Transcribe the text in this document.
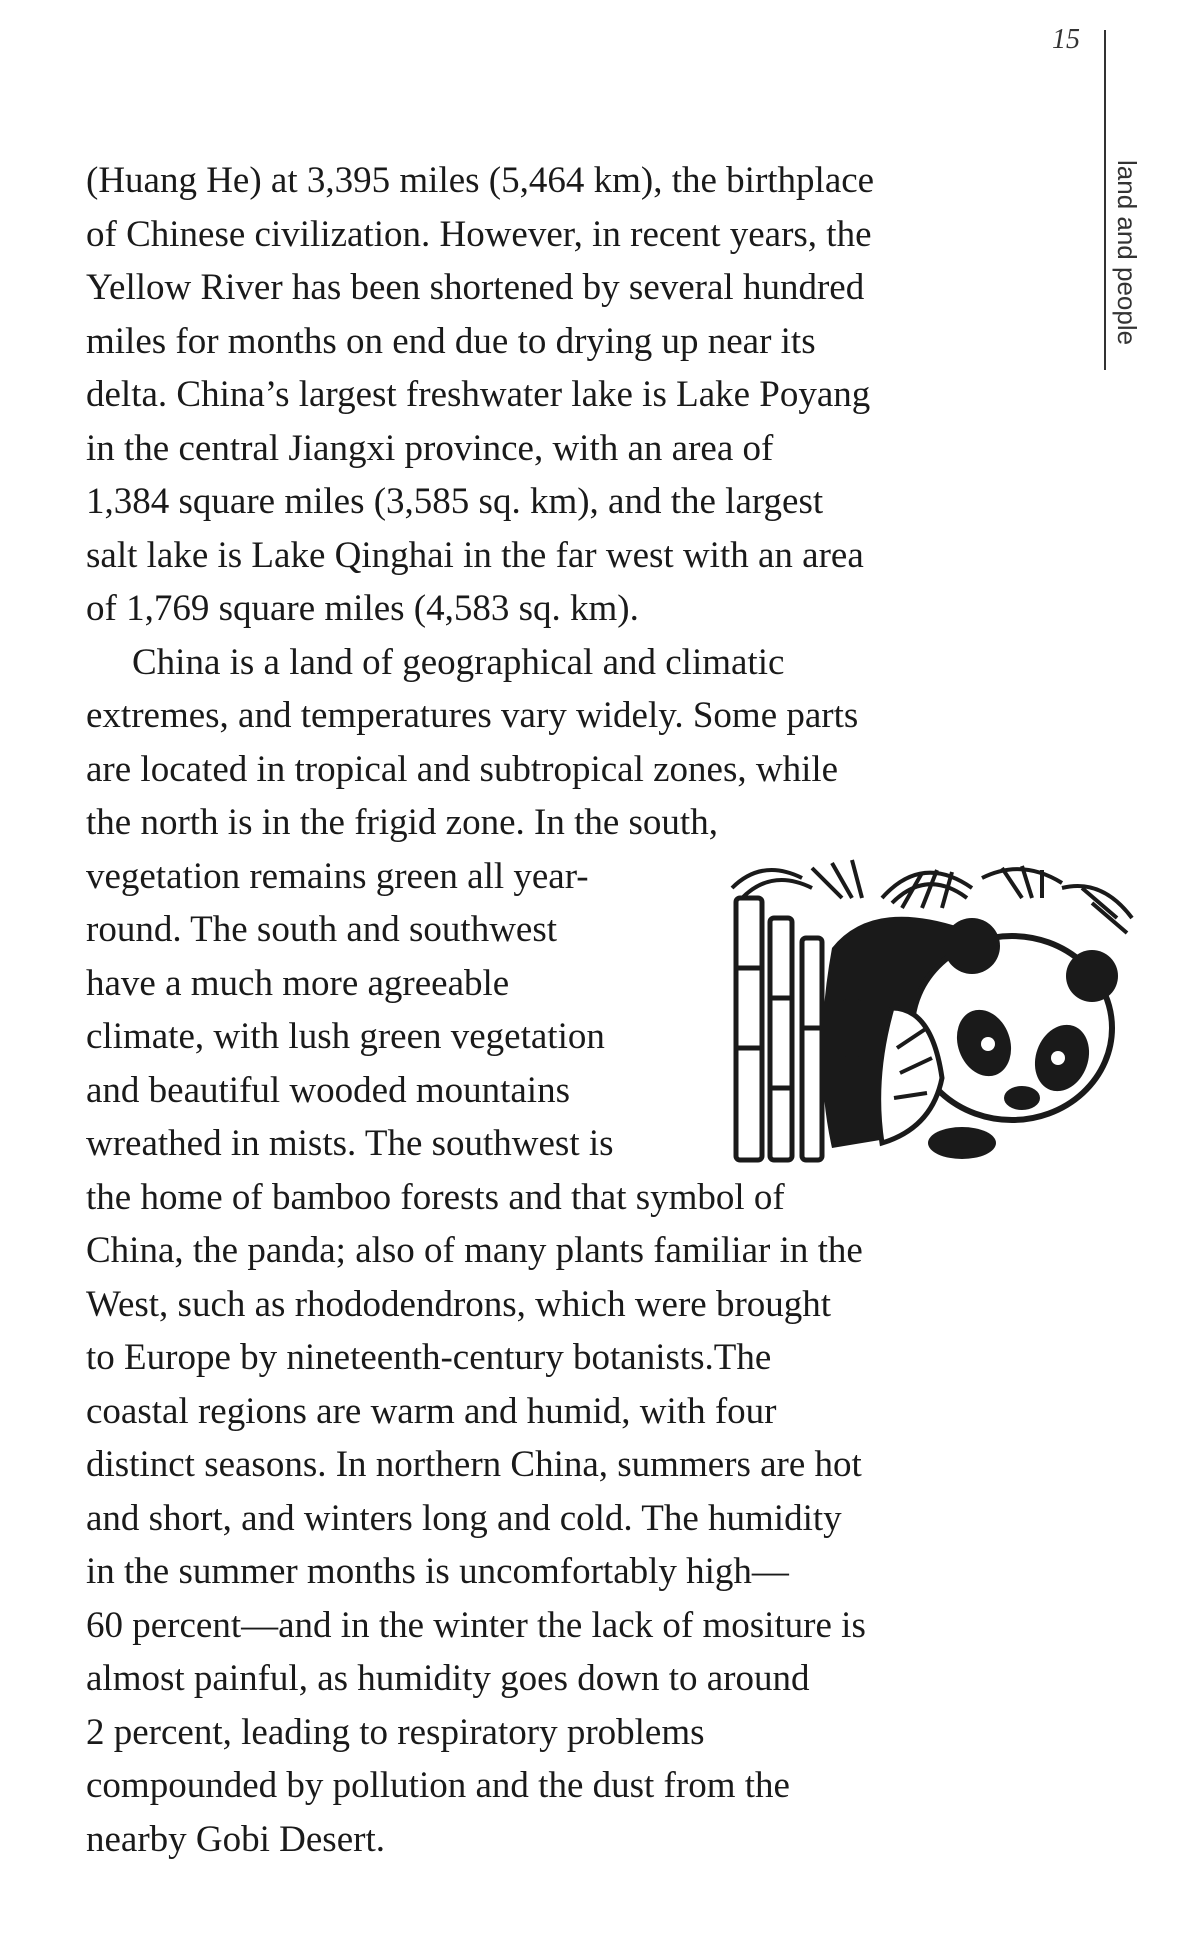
15
land and people
(Huang He) at 3,395 miles (5,464 km), the birthplace
of Chinese civilization. However, in recent years, the
Yellow River has been shortened by several hundred
miles for months on end due to drying up near its
delta. China’s largest freshwater lake is Lake Poyang
in the central Jiangxi province, with an area of
1,384 square miles (3,585 sq. km), and the largest
salt lake is Lake Qinghai in the far west with an area
of 1,769 square miles (4,583 sq. km).
China is a land of geographical and climatic
extremes, and temperatures vary widely. Some parts
are located in tropical and subtropical zones, while
the north is in the frigid zone. In the south,
vegetation remains green all year-
round. The south and southwest
have a much more agreeable
climate, with lush green vegetation
and beautiful wooded mountains
wreathed in mists. The southwest is
the home of bamboo forests and that symbol of
China, the panda; also of many plants familiar in the
West, such as rhododendrons, which were brought
to Europe by nineteenth-century botanists.The
coastal regions are warm and humid, with four
distinct seasons. In northern China, summers are hot
and short, and winters long and cold. The humidity
in the summer months is uncomfortably high—
60 percent—and in the winter the lack of mositure is
almost painful, as humidity goes down to around
2 percent, leading to respiratory problems
compounded by pollution and the dust from the
nearby Gobi Desert.
